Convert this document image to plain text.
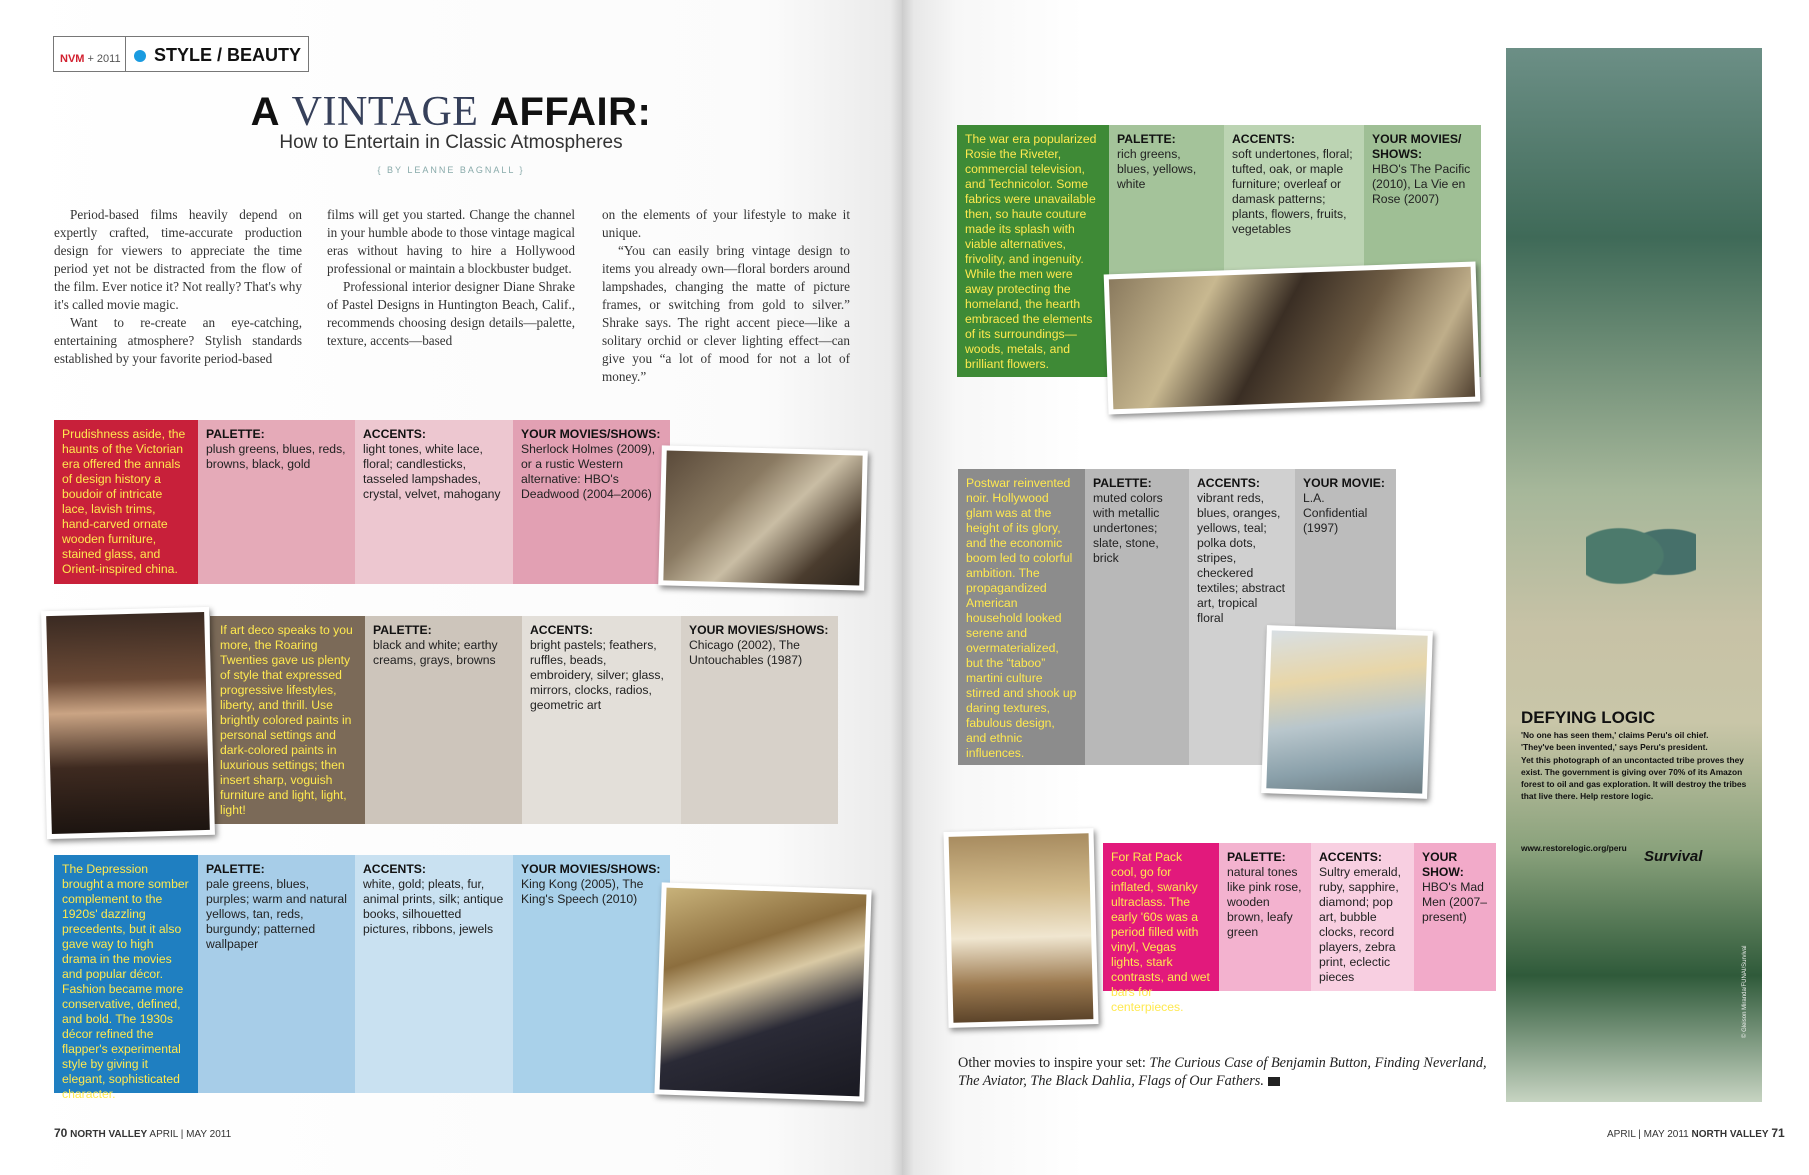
NVM + 2011 STYLE / BEAUTY
A VINTAGE AFFAIR:
How to Entertain in Classic Atmospheres
{ BY LEANNE BAGNALL }

Period-based films heavily depend on expertly crafted, time-accurate production design for viewers to appreciate the time period yet not be distracted from the flow of the film. Ever notice it? Not really? That's why it's called movie magic.

Want to re-create an eye-catching, entertaining atmosphere? Stylish standards established by your favorite period-based

films will get you started. Change the channel in your humble abode to those vintage magical eras without having to hire a Hollywood professional or maintain a blockbuster budget.

Professional interior designer Diane Shrake of Pastel Designs in Huntington Beach, Calif., recommends choosing design details—palette, texture, accents—based

on the elements of your lifestyle to make it unique.

“You can easily bring vintage design to items you already own—floral borders around lampshades, changing the matte of picture frames, or switching from gold to silver.” Shrake says. The right accent piece—like a solitary orchid or clever lighting effect—can give you “a lot of mood for not a lot of money.”

Prudishness aside, the haunts of the Victorian era offered the annals of design history a boudoir of intricate lace, lavish trims, hand-carved ornate wooden furniture, stained glass, and Orient-inspired china.
PALETTE:
plush greens, blues, reds, browns, black, gold
ACCENTS:
light tones, white lace, floral; candlesticks, tasseled lampshades, crystal, velvet, mahogany
YOUR MOVIES/SHOWS:
Sherlock Holmes (2009), or a rustic Western alternative: HBO's Deadwood (2004–2006)
If art deco speaks to you more, the Roaring Twenties gave us plenty of style that expressed progressive lifestyles, liberty, and thrill. Use brightly colored paints in personal settings and dark-colored paints in luxurious settings; then insert sharp, voguish furniture and light, light, light!
PALETTE:
black and white; earthy creams, grays, browns
ACCENTS:
bright pastels; feathers, ruffles, beads, embroidery, silver; glass, mirrors, clocks, radios, geometric art
YOUR MOVIES/SHOWS:
Chicago (2002), The Untouchables (1987)
The Depression brought a more somber complement to the 1920s' dazzling precedents, but it also gave way to high drama in the movies and popular décor. Fashion became more conservative, defined, and bold. The 1930s décor refined the flapper's experimental style by giving it elegant, sophisticated character.
PALETTE:
pale greens, blues, purples; warm and natural yellows, tan, reds, burgundy; patterned wallpaper
ACCENTS:
white, gold; pleats, fur, animal prints, silk; antique books, silhouetted pictures, ribbons, jewels
YOUR MOVIES/SHOWS:
King Kong (2005), The King's Speech (2010)
70 NORTH VALLEY APRIL | MAY 2011
The war era popularized Rosie the Riveter, commercial television, and Technicolor. Some fabrics were unavailable then, so haute couture made its splash with viable alternatives, frivolity, and ingenuity. While the men were away protecting the homeland, the hearth embraced the elements of its surroundings—woods, metals, and brilliant flowers.
PALETTE:
rich greens, blues, yellows, white
ACCENTS:
soft undertones, floral; tufted, oak, or maple furniture; overleaf or damask patterns; plants, flowers, fruits, vegetables
YOUR MOVIES/ SHOWS:
HBO's The Pacific (2010), La Vie en Rose (2007)
Postwar reinvented noir. Hollywood glam was at the height of its glory, and the economic boom led to colorful ambition. The propagandized American household looked serene and overmaterialized, but the “taboo” martini culture stirred and shook up daring textures, fabulous design, and ethnic influences.
PALETTE:
muted colors with metallic undertones; slate, stone, brick
ACCENTS:
vibrant reds, blues, oranges, yellows, teal; polka dots, stripes, checkered textiles; abstract art, tropical floral
YOUR MOVIE:
L.A. Confidential (1997)
For Rat Pack cool, go for inflated, swanky ultraclass. The early '60s was a period filled with vinyl, Vegas lights, stark contrasts, and wet bars for centerpieces.
PALETTE:
natural tones like pink rose, wooden brown, leafy green
ACCENTS:
Sultry emerald, ruby, sapphire, diamond; pop art, bubble clocks, record players, zebra print, eclectic pieces
YOUR SHOW:
HBO's Mad Men (2007–present)
Other movies to inspire your set: The Curious Case of Benjamin Button, Finding Neverland, The Aviator, The Black Dahlia, Flags of Our Fathers.
DEFYING LOGIC
'No one has seen them,' claims Peru's oil chief.
'They've been invented,' says Peru's president.
Yet this photograph of an uncontacted tribe proves they exist. The government is giving over 70% of its Amazon forest to oil and gas exploration. It will destroy the tribes that live there. Help restore logic.
www.restorelogic.org/peru Survival
© Gleison Miranda/FUNAI/Survival
APRIL | MAY 2011 NORTH VALLEY 71
